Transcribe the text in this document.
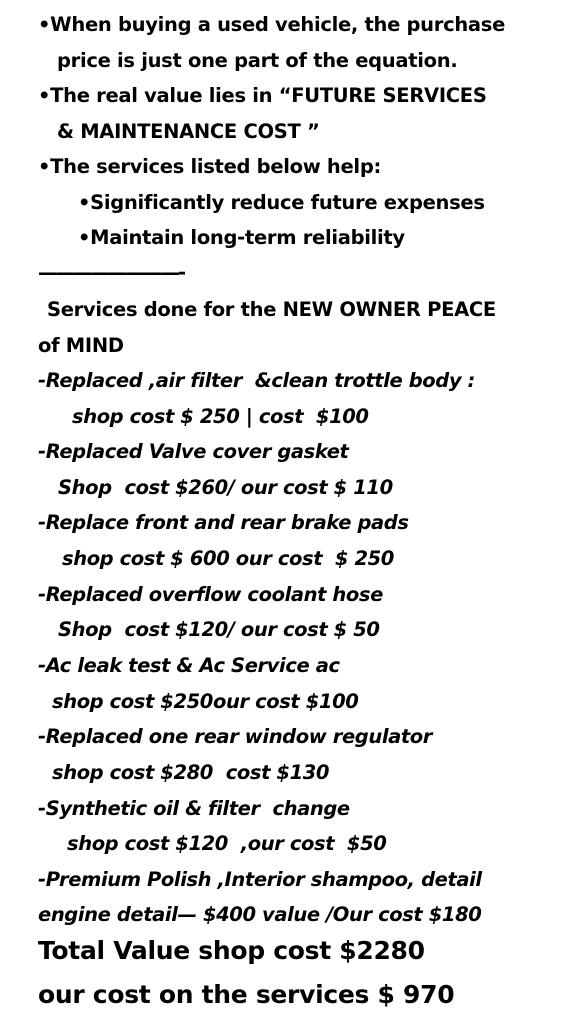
•When buying a used vehicle, the purchase
price is just one part of the equation.
•The real value lies in “FUTURE SERVICES
& MAINTENANCE COST ”
•The services listed below help:
•Significantly reduce future expenses
•Maintain long-term reliability
————————-
Services done for the NEW OWNER PEACE
of MIND
-Replaced ,air filter  &clean trottle body :
shop cost $ 250 | cost  $100
-Replaced Valve cover gasket
Shop  cost $260/ our cost $ 110
-Replace front and rear brake pads
shop cost $ 600 our cost  $ 250
-Replaced overflow coolant hose
Shop  cost $120/ our cost $ 50
-Ac leak test & Ac Service ac
shop cost $250our cost $100
-Replaced one rear window regulator
shop cost $280  cost $130
-Synthetic oil & filter  change
shop cost $120  ,our cost  $50
-Premium Polish ,Interior shampoo, detail
engine detail— $400 value /Our cost $180
Total Value shop cost $2280
our cost on the services $ 970
